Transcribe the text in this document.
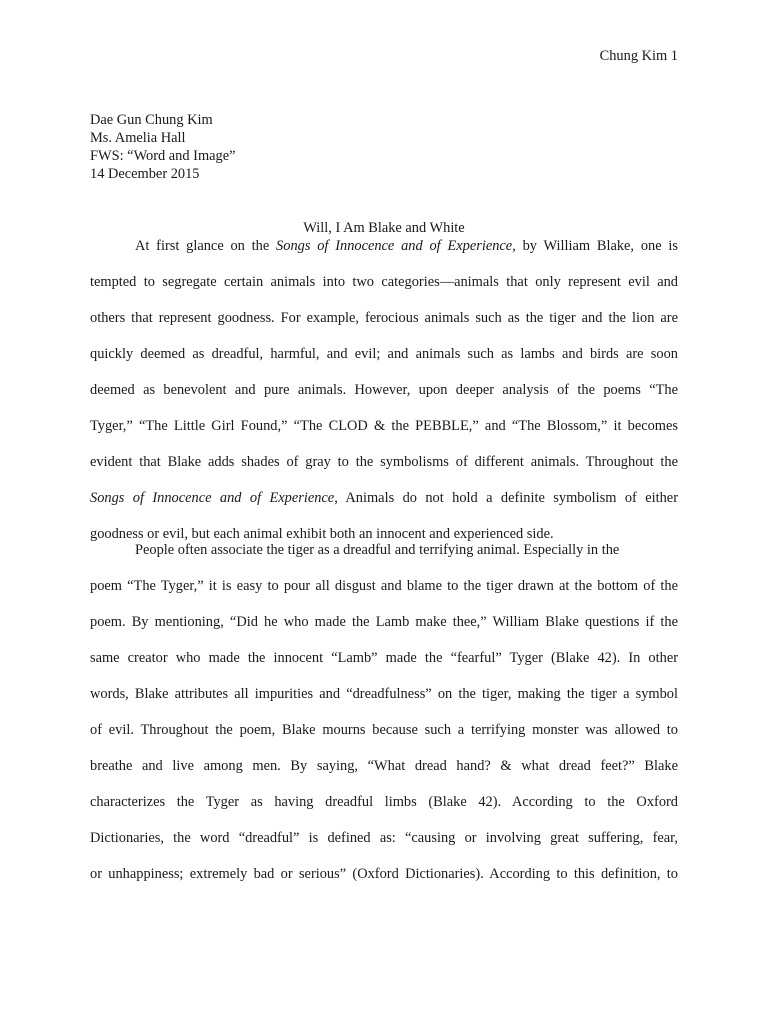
Chung Kim 1
Dae Gun Chung Kim
Ms. Amelia Hall
FWS: “Word and Image”
14 December 2015
Will, I Am Blake and White
At first glance on the Songs of Innocence and of Experience, by William Blake, one is
tempted to segregate certain animals into two categories—animals that only represent evil and
others that represent goodness. For example, ferocious animals such as the tiger and the lion are
quickly deemed as dreadful, harmful, and evil; and animals such as lambs and birds are soon
deemed as benevolent and pure animals. However, upon deeper analysis of the poems “The
Tyger,” “The Little Girl Found,” “The CLOD & the PEBBLE,” and “The Blossom,” it becomes
evident that Blake adds shades of gray to the symbolisms of different animals. Throughout the
Songs of Innocence and of Experience, Animals do not hold a definite symbolism of either
goodness or evil, but each animal exhibit both an innocent and experienced side.
People often associate the tiger as a dreadful and terrifying animal. Especially in the
poem “The Tyger,” it is easy to pour all disgust and blame to the tiger drawn at the bottom of the
poem. By mentioning, “Did he who made the Lamb make thee,” William Blake questions if the
same creator who made the innocent “Lamb” made the “fearful” Tyger (Blake 42). In other
words, Blake attributes all impurities and “dreadfulness” on the tiger, making the tiger a symbol
of evil. Throughout the poem, Blake mourns because such a terrifying monster was allowed to
breathe and live among men. By saying, “What dread hand? & what dread feet?” Blake
characterizes the Tyger as having dreadful limbs (Blake 42). According to the Oxford
Dictionaries, the word “dreadful” is defined as: “causing or involving great suffering, fear,
or unhappiness; extremely bad or serious” (Oxford Dictionaries). According to this definition, to
